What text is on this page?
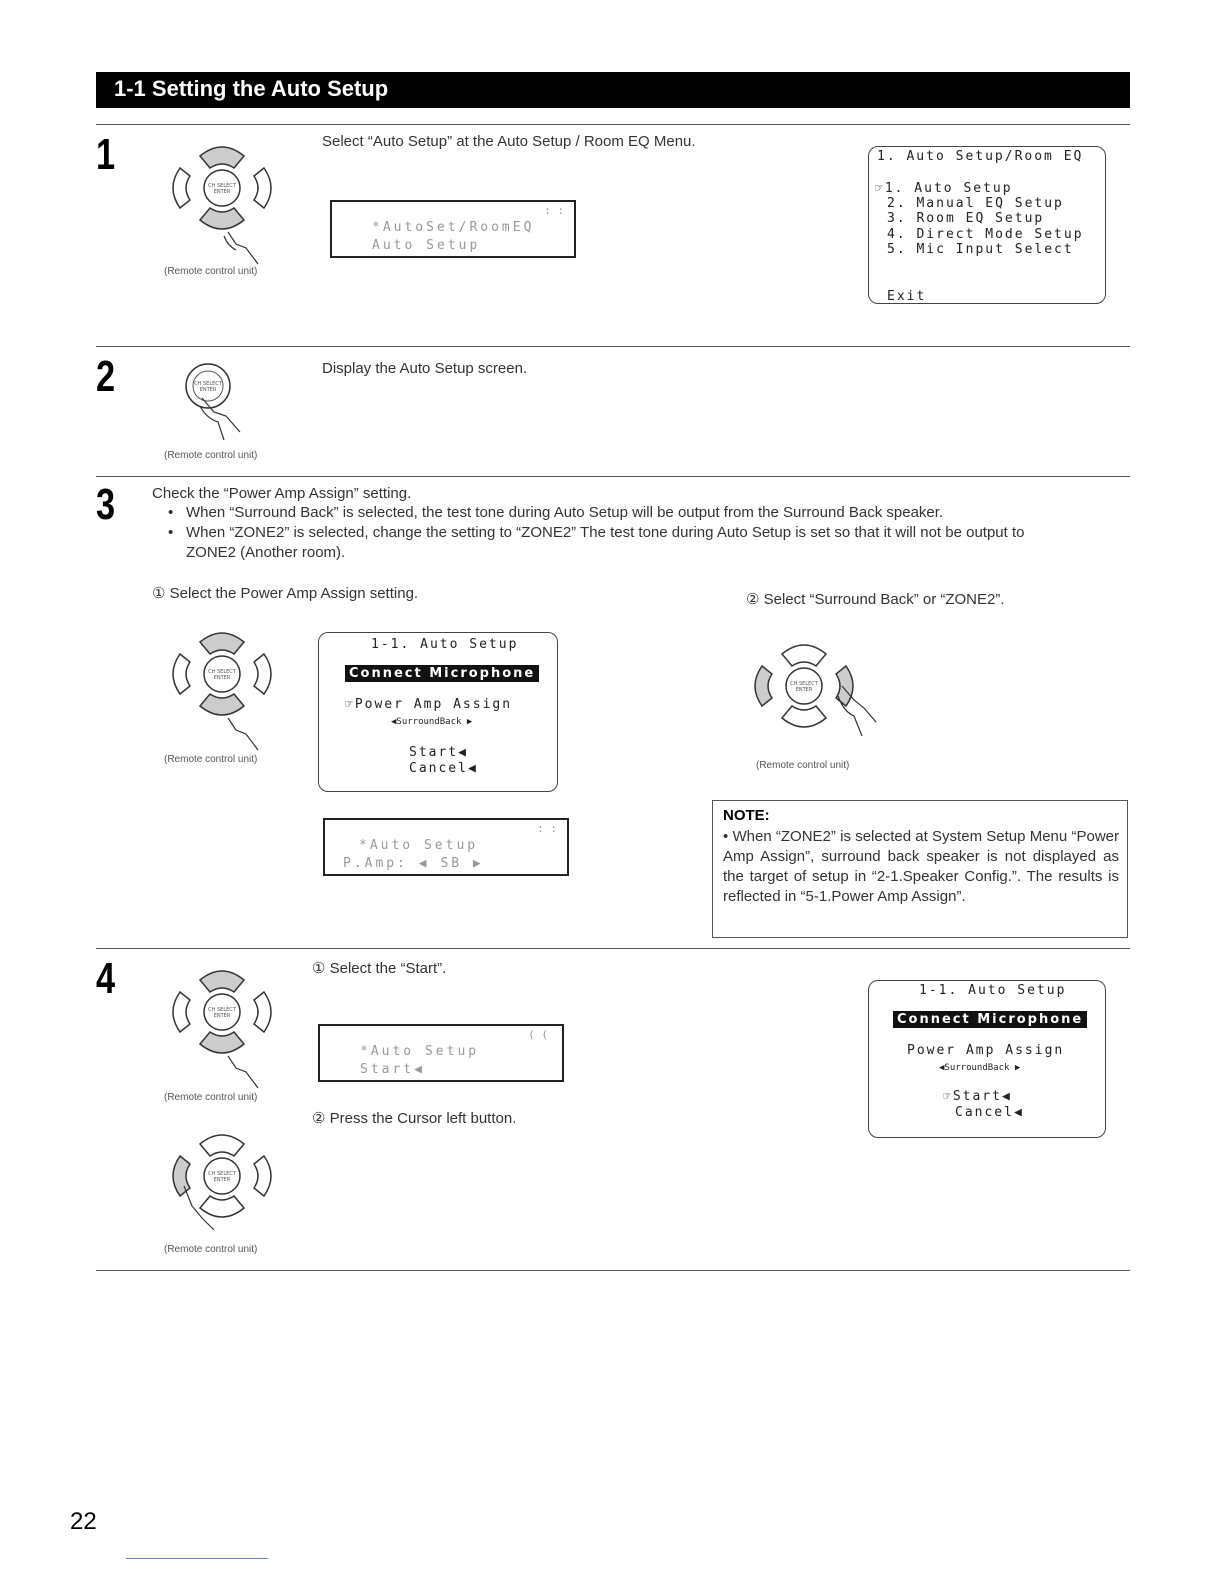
1-1 Setting the Auto Setup
1
CH SELECT
ENTER
(Remote control unit)
Select “Auto Setup” at the Auto Setup / Room EQ Menu.
: :
*AutoSet/RoomEQ
Auto Setup
1. Auto Setup/Room EQ
☞1. Auto Setup
2. Manual EQ Setup
3. Room EQ Setup
4. Direct Mode Setup
5. Mic Input Select
Exit
2	CH SELECT
ENTER
(Remote control unit)
Display the Auto Setup screen.
3 Check the “Power Amp Assign” setting.
• When “Surround Back” is selected, the test tone during Auto Setup will be output from the Surround Back speaker.
• When “ZONE2” is selected, change the setting to “ZONE2” The test tone during Auto Setup is set so that it will not be output to
ZONE2 (Another room).
① Select the Power Amp Assign setting.	② Select “Surround Back” or “ZONE2”.
CH SELECT
ENTER
(Remote control unit)
1-1. Auto Setup
Connect Microphone
☞Power Amp Assign
◀SurroundBack ▶
Start◀
Cancel◀
CH SELECT
ENTER
(Remote control unit)
: :
*Auto Setup
P.Amp: ◀ SB ▶
NOTE:
• When “ZONE2” is selected at System Setup Menu “Power Amp Assign”, surround back speaker is not displayed as the target of setup in “2-1.Speaker Config.”. The results is reflected in “5-1.Power Amp Assign”.
4
CH SELECT
ENTER
(Remote control unit)
CH SELECT
ENTER
(Remote control unit)
① Select the “Start”.
( (
*Auto Setup
Start◀
② Press the Cursor left button.
1-1. Auto Setup
Connect Microphone
Power Amp Assign
◀SurroundBack ▶
☞Start◀
Cancel◀
22
